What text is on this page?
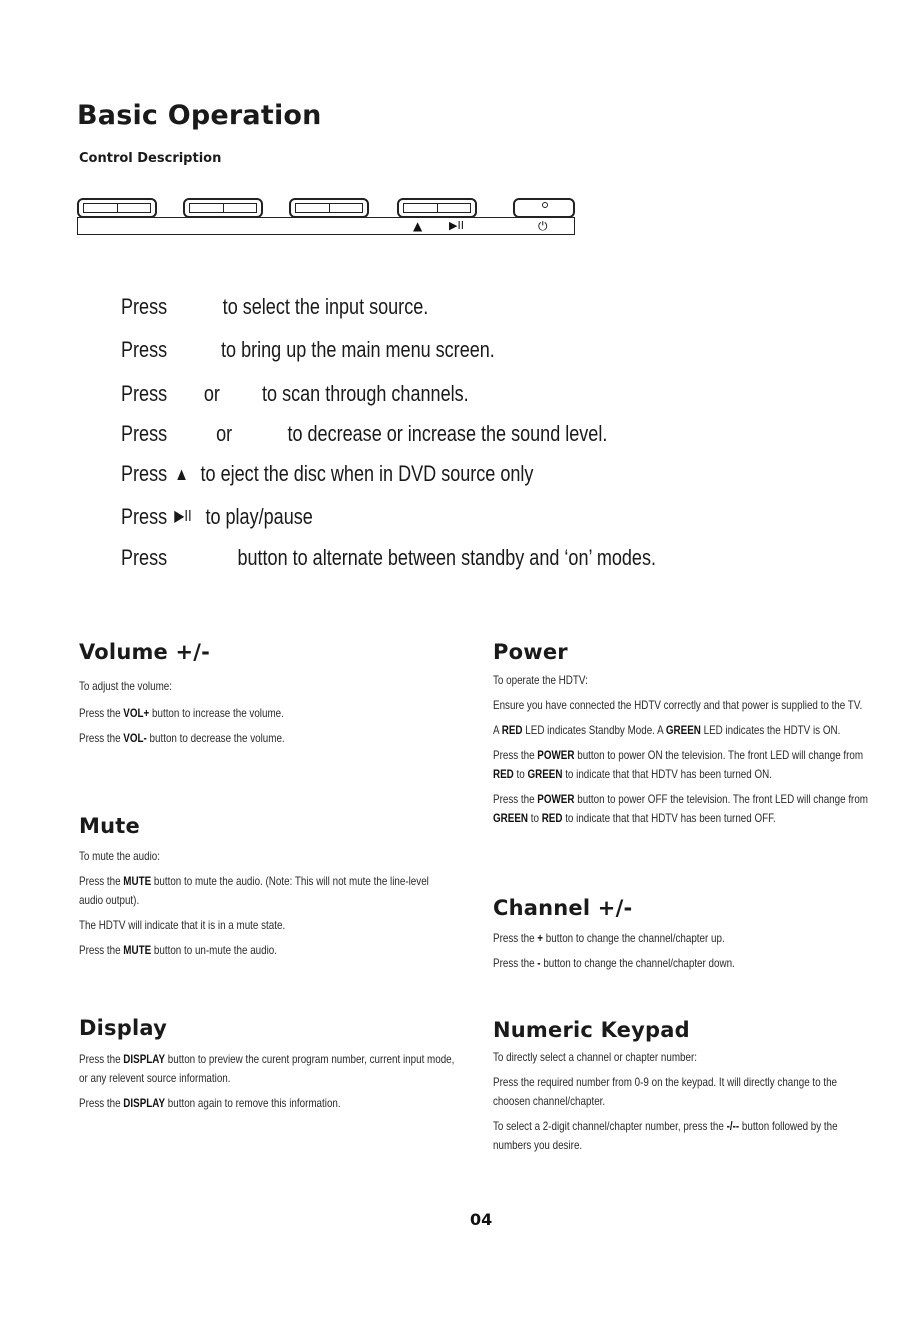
Basic Operation
Control Description
▲ ▶II	⏻
Press	to select the input source.
Press to bring up the main menu screen.
Press or to scan through channels.
Press or	to decrease or increase the sound level.
Press ▲ to eject the disc when in DVD source only
Press ▶II to play/pause
Press	button to alternate between standby and ‘on’ modes.
Volume +/-
To adjust the volume:
Press the VOL+ button to increase the volume.
Press the VOL- button to decrease the volume.
Mute
To mute the audio:
Press the MUTE button to mute the audio. (Note: This will not mute the line-level
audio output).
The HDTV will indicate that it is in a mute state.
Press the MUTE button to un-mute the audio.
Display
Press the DISPLAY button to preview the curent program number, current input mode,
or any relevent source information.
Press the DISPLAY button again to remove this information.
Power
To operate the HDTV:
Ensure you have connected the HDTV correctly and that power is supplied to the TV.
A RED LED indicates Standby Mode. A GREEN LED indicates the HDTV is ON.
Press the POWER button to power ON the television. The front LED will change from
RED to GREEN to indicate that that HDTV has been turned ON.
Press the POWER button to power OFF the television. The front LED will change from
GREEN to RED to indicate that that HDTV has been turned OFF.
Channel +/-
Press the + button to change the channel/chapter up.
Press the - button to change the channel/chapter down.
Numeric Keypad
To directly select a channel or chapter number:
Press the required number from 0-9 on the keypad. It will directly change to the
choosen channel/chapter.
To select a 2-digit channel/chapter number, press the -/-- button followed by the
numbers you desire.
04
